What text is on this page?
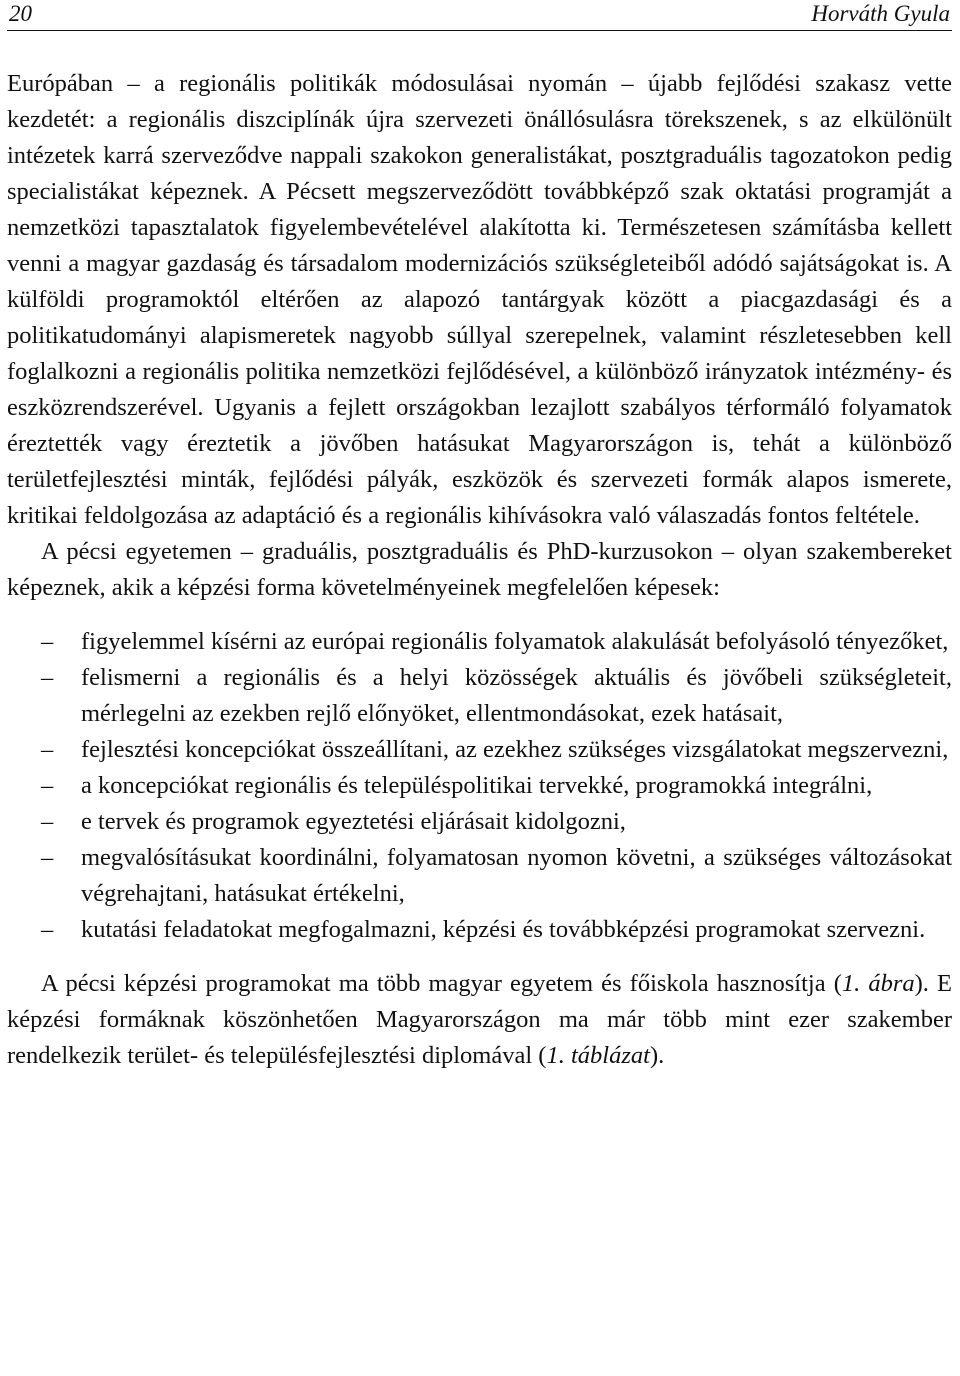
20	Horváth Gyula

Európában – a regionális politikák módosulásai nyomán – újabb fejlődési szakasz vette kezdetét: a regionális diszciplínák újra szervezeti önállósulásra törekszenek, s az elkülönült intézetek karrá szerveződve nappali szakokon generalistákat, posztgraduális tagozatokon pedig specialistákat képeznek. A Pécsett megszerveződött továbbképző szak oktatási programját a nemzetközi tapasztalatok figyelembevételével alakította ki. Természetesen számításba kellett venni a magyar gazdaság és társadalom modernizációs szükségleteiből adódó sajátságokat is. A külföldi programoktól eltérően az alapozó tantárgyak között a piacgazdasági és a politikatudományi alapismeretek nagyobb súllyal szerepelnek, valamint részletesebben kell foglalkozni a regionális politika nemzetközi fejlődésével, a különböző irányzatok intézmény- és eszközrendszerével. Ugyanis a fejlett országokban lezajlott szabályos térformáló folyamatok éreztették vagy éreztetik a jövőben hatásukat Magyarországon is, tehát a különböző területfejlesztési minták, fejlődési pályák, eszközök és szervezeti formák alapos ismerete, kritikai feldolgozása az adaptáció és a regionális kihívásokra való válaszadás fontos feltétele.

A pécsi egyetemen – graduális, posztgraduális és PhD-kurzusokon – olyan szakembereket képeznek, akik a képzési forma követelményeinek megfelelően képesek:

– figyelemmel kísérni az európai regionális folyamatok alakulását befolyásoló tényezőket,
– felismerni a regionális és a helyi közösségek aktuális és jövőbeli szükségleteit, mérlegelni az ezekben rejlő előnyöket, ellentmondásokat, ezek hatásait,
– fejlesztési koncepciókat összeállítani, az ezekhez szükséges vizsgálatokat megszervezni,
– a koncepciókat regionális és településpolitikai tervekké, programokká integrálni,
– e tervek és programok egyeztetési eljárásait kidolgozni,
– megvalósításukat koordinálni, folyamatosan nyomon követni, a szükséges változásokat végrehajtani, hatásukat értékelni,
– kutatási feladatokat megfogalmazni, képzési és továbbképzési programokat szervezni.

A pécsi képzési programokat ma több magyar egyetem és főiskola hasznosítja (1. ábra). E képzési formáknak köszönhetően Magyarországon ma már több mint ezer szakember rendelkezik terület- és településfejlesztési diplomával (1. táblázat).
